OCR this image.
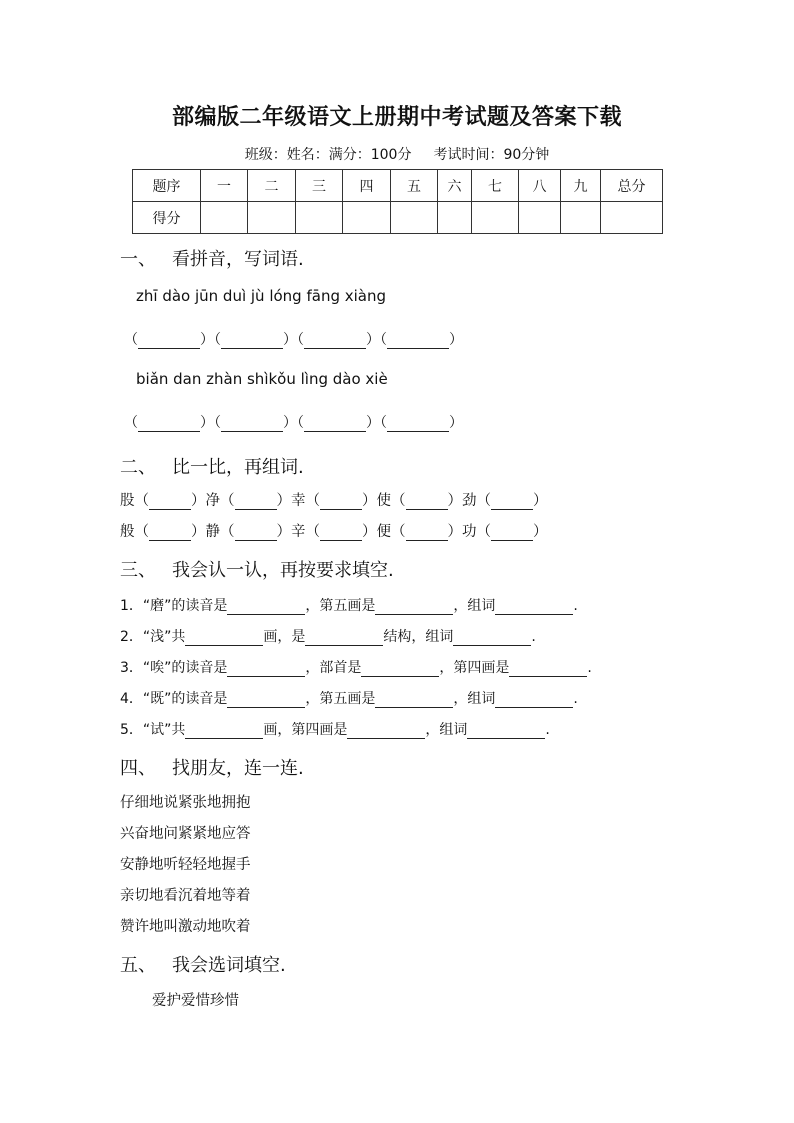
部编版二年级语文上册期中考试题及答案下载
班级：姓名：满分：100分 考试时间：90分钟
题序	一	二	三	四	五	六	七	八	九	总分
得分										
一、 看拼音，写词语.
zhī dào jūn duì jù lóng fāng xiàng
（	）（	）（	）（	）
biǎn dan zhàn shìkǒu lìng dào xiè
（	）（	）（	）（	）
二、 比一比，再组词.
股（	）净（	）幸（	）使（	）劲（	）
般（	）静（	）辛（	）便（	）功（	）
三、 我会认一认，再按要求填空.
1．“磨”的读音是	，第五画是	，组词	.
2．“浅”共	画，是	结构，组词	.
3．“唉”的读音是	，部首是	，第四画是	.
4．“既”的读音是	，第五画是	，组词	.
5．“试”共	画，第四画是	，组词	.
四、 找朋友，连一连.
仔细地说紧张地拥抱
兴奋地问紧紧地应答
安静地听轻轻地握手
亲切地看沉着地等着
赞许地叫激动地吹着
五、 我会选词填空.
爱护爱惜珍惜
